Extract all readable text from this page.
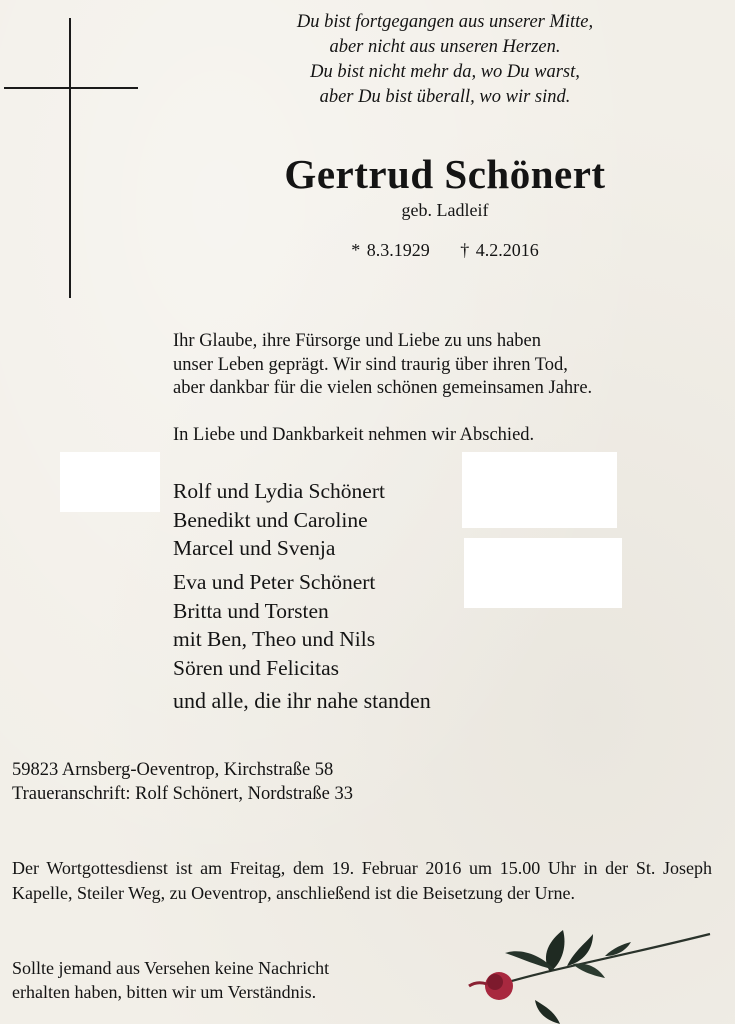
Du bist fortgegangen aus unserer Mitte,
aber nicht aus unseren Herzen.
Du bist nicht mehr da, wo Du warst,
aber Du bist überall, wo wir sind.
Gertrud Schönert
geb. Ladleif
* 8.3.1929 † 4.2.2016
Ihr Glaube, ihre Fürsorge und Liebe zu uns haben
unser Leben geprägt. Wir sind traurig über ihren Tod,
aber dankbar für die vielen schönen gemeinsamen Jahre.
In Liebe und Dankbarkeit nehmen wir Abschied.
Rolf und Lydia Schönert
Benedikt und Caroline
Marcel und Svenja
Eva und Peter Schönert
Britta und Torsten
mit Ben, Theo und Nils
Sören und Felicitas
und alle, die ihr nahe standen
59823 Arnsberg-Oeventrop, Kirchstraße 58
Traueranschrift: Rolf Schönert, Nordstraße 33
Der Wortgottesdienst ist am Freitag, dem 19. Februar 2016 um 15.00 Uhr in der St. Joseph Kapelle, Steiler Weg, zu Oeventrop, anschließend ist die Beisetzung der Urne.
Sollte jemand aus Versehen keine Nachricht
erhalten haben, bitten wir um Verständnis.
